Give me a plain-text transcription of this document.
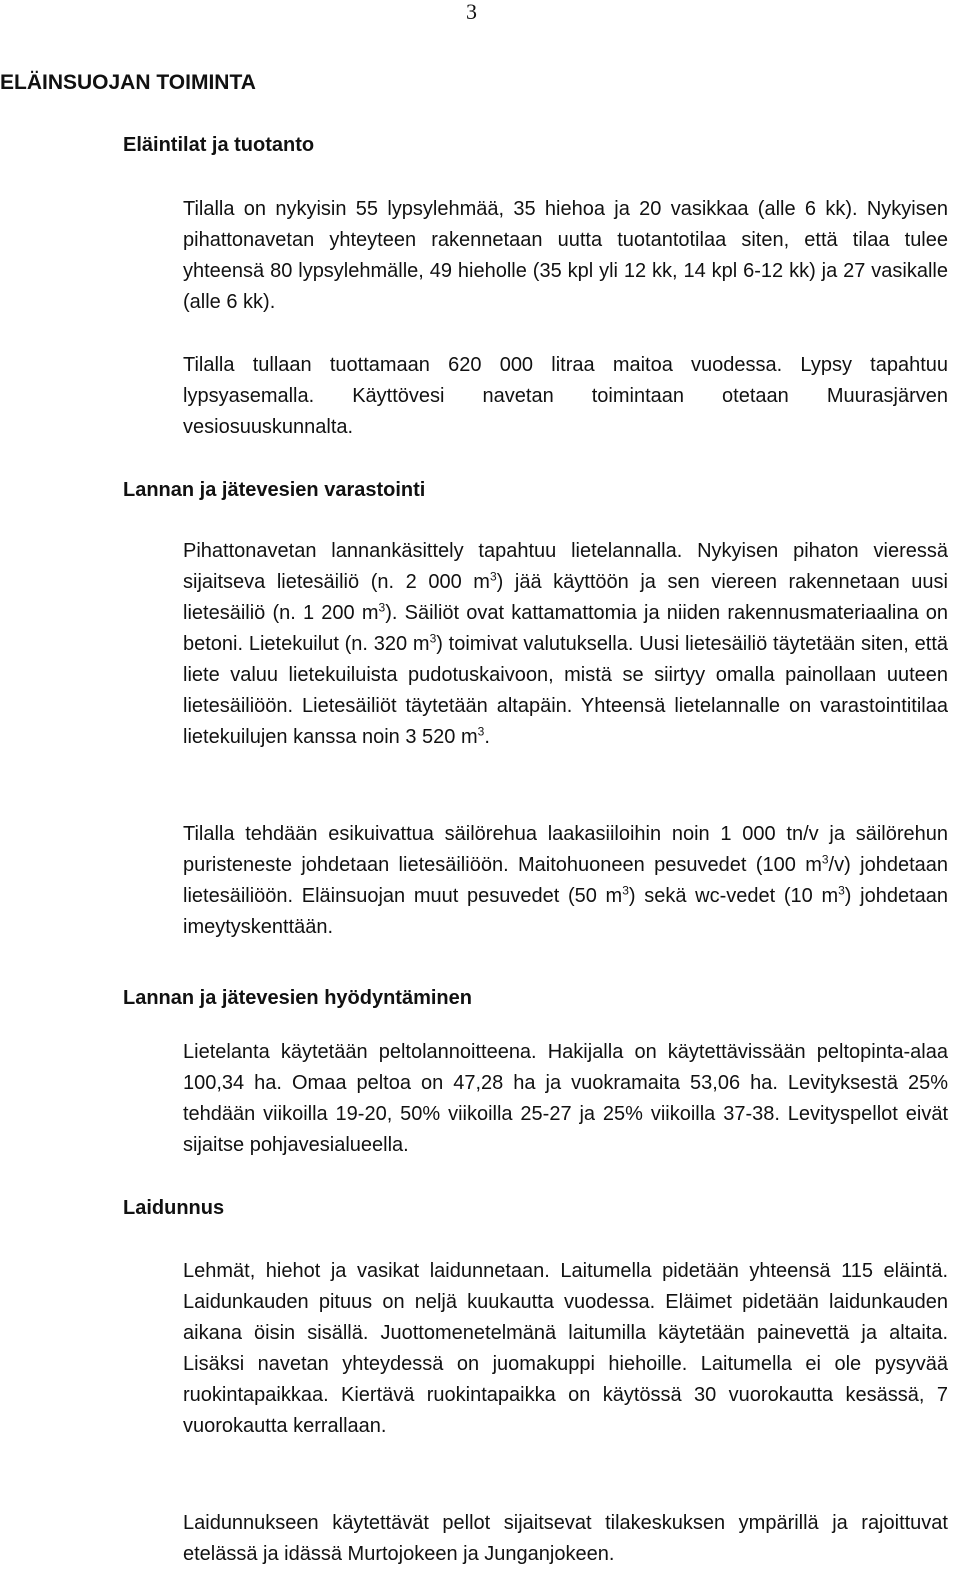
3
ELÄINSUOJAN TOIMINTA
Eläintilat ja tuotanto

Tilalla on nykyisin 55 lypsylehmää, 35 hiehoa ja 20 vasikkaa (alle 6 kk). Nykyisen pihattonavetan yhteyteen rakennetaan uutta tuotantotilaa siten, että tilaa tulee yhteensä 80 lypsylehmälle, 49 hieholle (35 kpl yli 12 kk, 14 kpl 6-12 kk) ja 27 vasikalle (alle 6 kk).

Tilalla tullaan tuottamaan 620 000 litraa maitoa vuodessa. Lypsy tapahtuu lypsyasemalla. Käyttövesi navetan toimintaan otetaan Muurasjärven vesiosuuskunnalta.

Lannan ja jätevesien varastointi

Pihattonavetan lannankäsittely tapahtuu lietelannalla. Nykyisen pihaton vieressä sijaitseva lietesäiliö (n. 2 000 $m^3$) jää käyttöön ja sen viereen rakennetaan uusi lietesäiliö (n. 1 200 $m^3$). Säiliöt ovat kattamattomia ja niiden rakennusmateriaalina on betoni. Lietekuilut (n. 320 $m^3$) toimivat valutuksella. Uusi lietesäiliö täytetään siten, että liete valuu lietekuiluista pudotuskaivoon, mistä se siirtyy omalla painollaan uuteen lietesäiliöön. Lietesäiliöt täytetään altapäin. Yhteensä lietelannalle on varastointitilaa lietekuilujen kanssa noin 3 520 $m^3$.

Tilalla tehdään esikuivattua säilörehua laakasiiloihin noin 1 000 tn/v ja säilörehun puristeneste johdetaan lietesäiliöön. Maitohuoneen pesuvedet (100 $m^3/v$) johdetaan lietesäiliöön. Eläinsuojan muut pesuvedet (50 $m^3$) sekä wc-vedet (10 $m^3$) johdetaan imeytyskenttään.

Lannan ja jätevesien hyödyntäminen

Lietelanta käytetään peltolannoitteena. Hakijalla on käytettävissään peltopinta-alaa 100,34 ha. Omaa peltoa on 47,28 ha ja vuokramaita 53,06 ha. Levityksestä 25% tehdään viikoilla 19-20, 50% viikoilla 25-27 ja 25% viikoilla 37-38. Levityspellot eivät sijaitse pohjavesialueella.

Laidunnus

Lehmät, hiehot ja vasikat laidunnetaan. Laitumella pidetään yhteensä 115 eläintä. Laidunkauden pituus on neljä kuukautta vuodessa. Eläimet pidetään laidunkauden aikana öisin sisällä. Juottomenetelmänä laitumilla käytetään painevettä ja altaita. Lisäksi navetan yhteydessä on juomakuppi hiehoille. Laitumella ei ole pysyvää ruokintapaikkaa. Kiertävä ruokintapaikka on käytössä 30 vuorokautta kesässä, 7 vuorokautta kerrallaan.

Laidunnukseen käytettävät pellot sijaitsevat tilakeskuksen ympärillä ja rajoittuvat etelässä ja idässä Murtojokeen ja Junganjokeen.
